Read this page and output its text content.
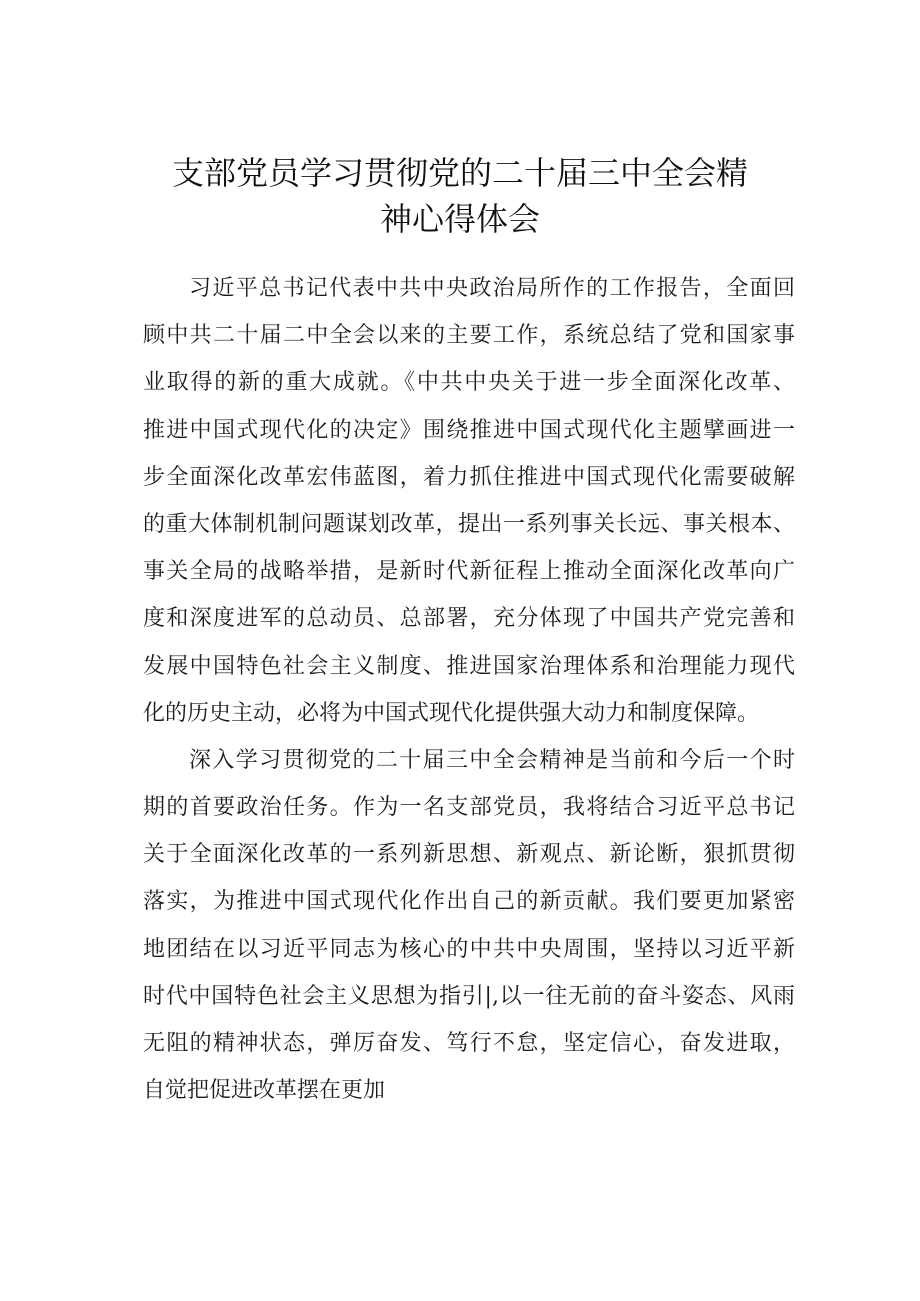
支部党员学习贯彻党的二十届三中全会精
神心得体会
习近平总书记代表中共中央政治局所作的工作报告，全面回
顾中共二十届二中全会以来的主要工作，系统总结了党和国家事
业取得的新的重大成就。《中共中央关于进一步全面深化改革、
推进中国式现代化的决定》围绕推进中国式现代化主题擘画进一
步全面深化改革宏伟蓝图，着力抓住推进中国式现代化需要破解
的重大体制机制问题谋划改革，提出一系列事关长远、事关根本、
事关全局的战略举措，是新时代新征程上推动全面深化改革向广
度和深度进军的总动员、总部署，充分体现了中国共产党完善和
发展中国特色社会主义制度、推进国家治理体系和治理能力现代
化的历史主动，必将为中国式现代化提供强大动力和制度保障。
深入学习贯彻党的二十届三中全会精神是当前和今后一个时
期的首要政治任务。作为一名支部党员，我将结合习近平总书记
关于全面深化改革的一系列新思想、新观点、新论断，狠抓贯彻
落实，为推进中国式现代化作出自己的新贡献。我们要更加紧密
地团结在以习近平同志为核心的中共中央周围，坚持以习近平新
时代中国特色社会主义思想为指引|,以一往无前的奋斗姿态、风雨
无阻的精神状态，弹厉奋发、笃行不怠，坚定信心，奋发进取，
自觉把促进改革摆在更加
